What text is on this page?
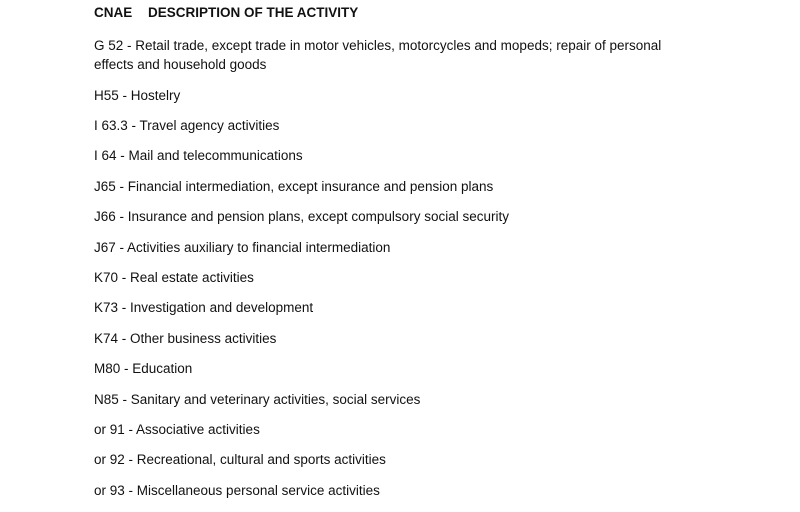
CNAE DESCRIPTION OF THE ACTIVITY
G 52 - Retail trade, except trade in motor vehicles, motorcycles and mopeds; repair of personal effects and household goods
H55 - Hostelry
I 63.3 - Travel agency activities
I 64 - Mail and telecommunications
J65 - Financial intermediation, except insurance and pension plans
J66 - Insurance and pension plans, except compulsory social security
J67 - Activities auxiliary to financial intermediation
K70 - Real estate activities
K73 - Investigation and development
K74 - Other business activities
M80 - Education
N85 - Sanitary and veterinary activities, social services
or 91 - Associative activities
or 92 - Recreational, cultural and sports activities
or 93 - Miscellaneous personal service activities
